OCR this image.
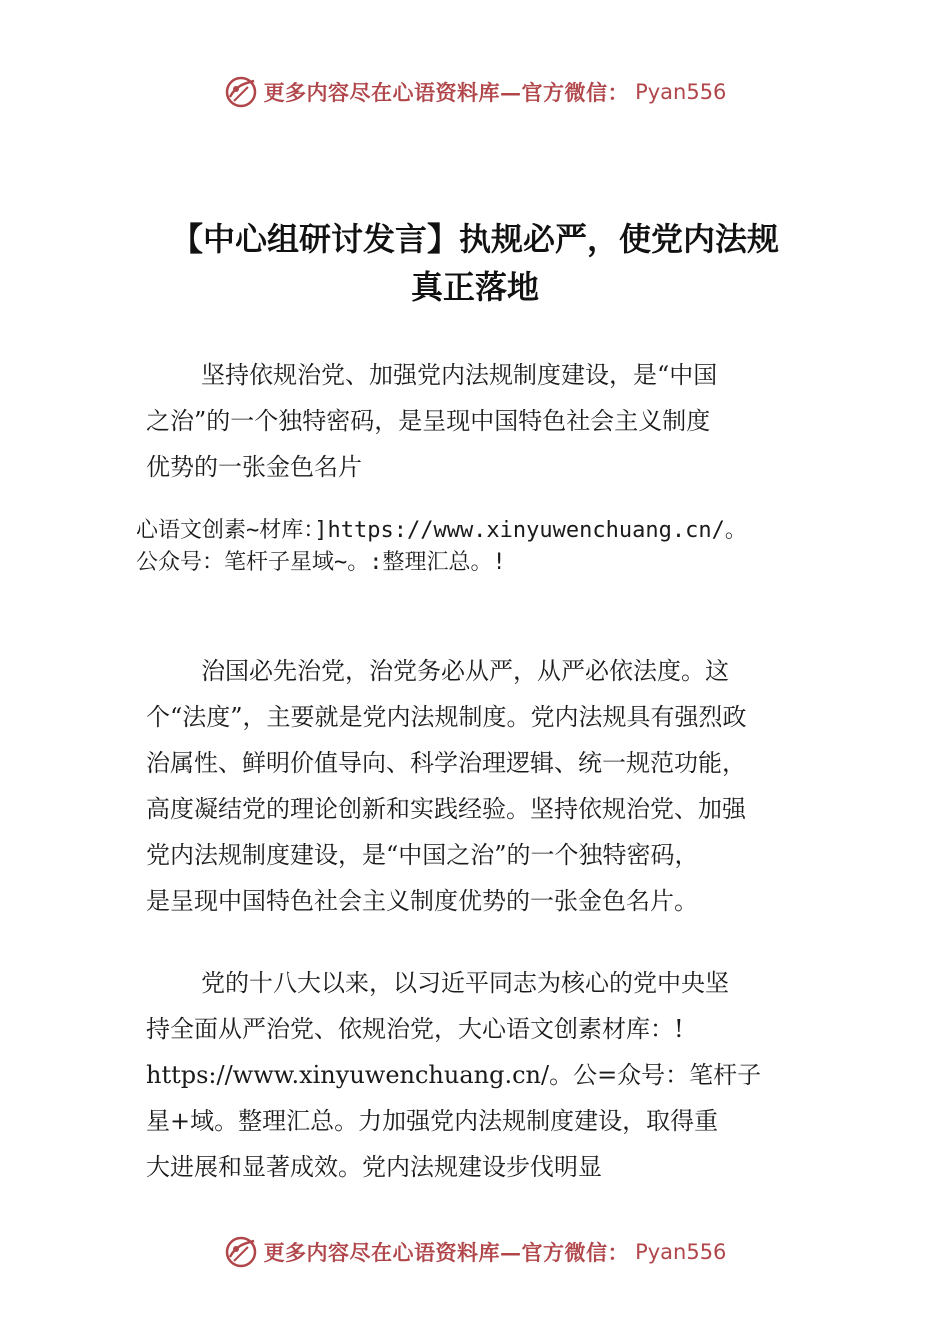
更多内容尽在心语资料库—官方微信： Pyan556
【中心组研讨发言】执规必严，使党内法规
真正落地

坚持依规治党、加强党内法规制度建设，是“中国
之治”的一个独特密码，是呈现中国特色社会主义制度
优势的一张金色名片

心语文创素~材库：]https://www.xinyuwenchuang.cn/。
公众号：笔杆子星域~。:整理汇总。!

治国必先治党，治党务必从严，从严必依法度。这
个“法度”，主要就是党内法规制度。党内法规具有强烈政
治属性、鲜明价值导向、科学治理逻辑、统一规范功能，
高度凝结党的理论创新和实践经验。坚持依规治党、加强
党内法规制度建设，是“中国之治”的一个独特密码，
是呈现中国特色社会主义制度优势的一张金色名片。

党的十八大以来，以习近平同志为核心的党中央坚
持全面从严治党、依规治党，大心语文创素材库：!
https://www.xinyuwenchuang.cn/。公=众号：笔杆子
星+域。整理汇总。力加强党内法规制度建设，取得重
大进展和显著成效。党内法规建设步伐明显

更多内容尽在心语资料库—官方微信： Pyan556
